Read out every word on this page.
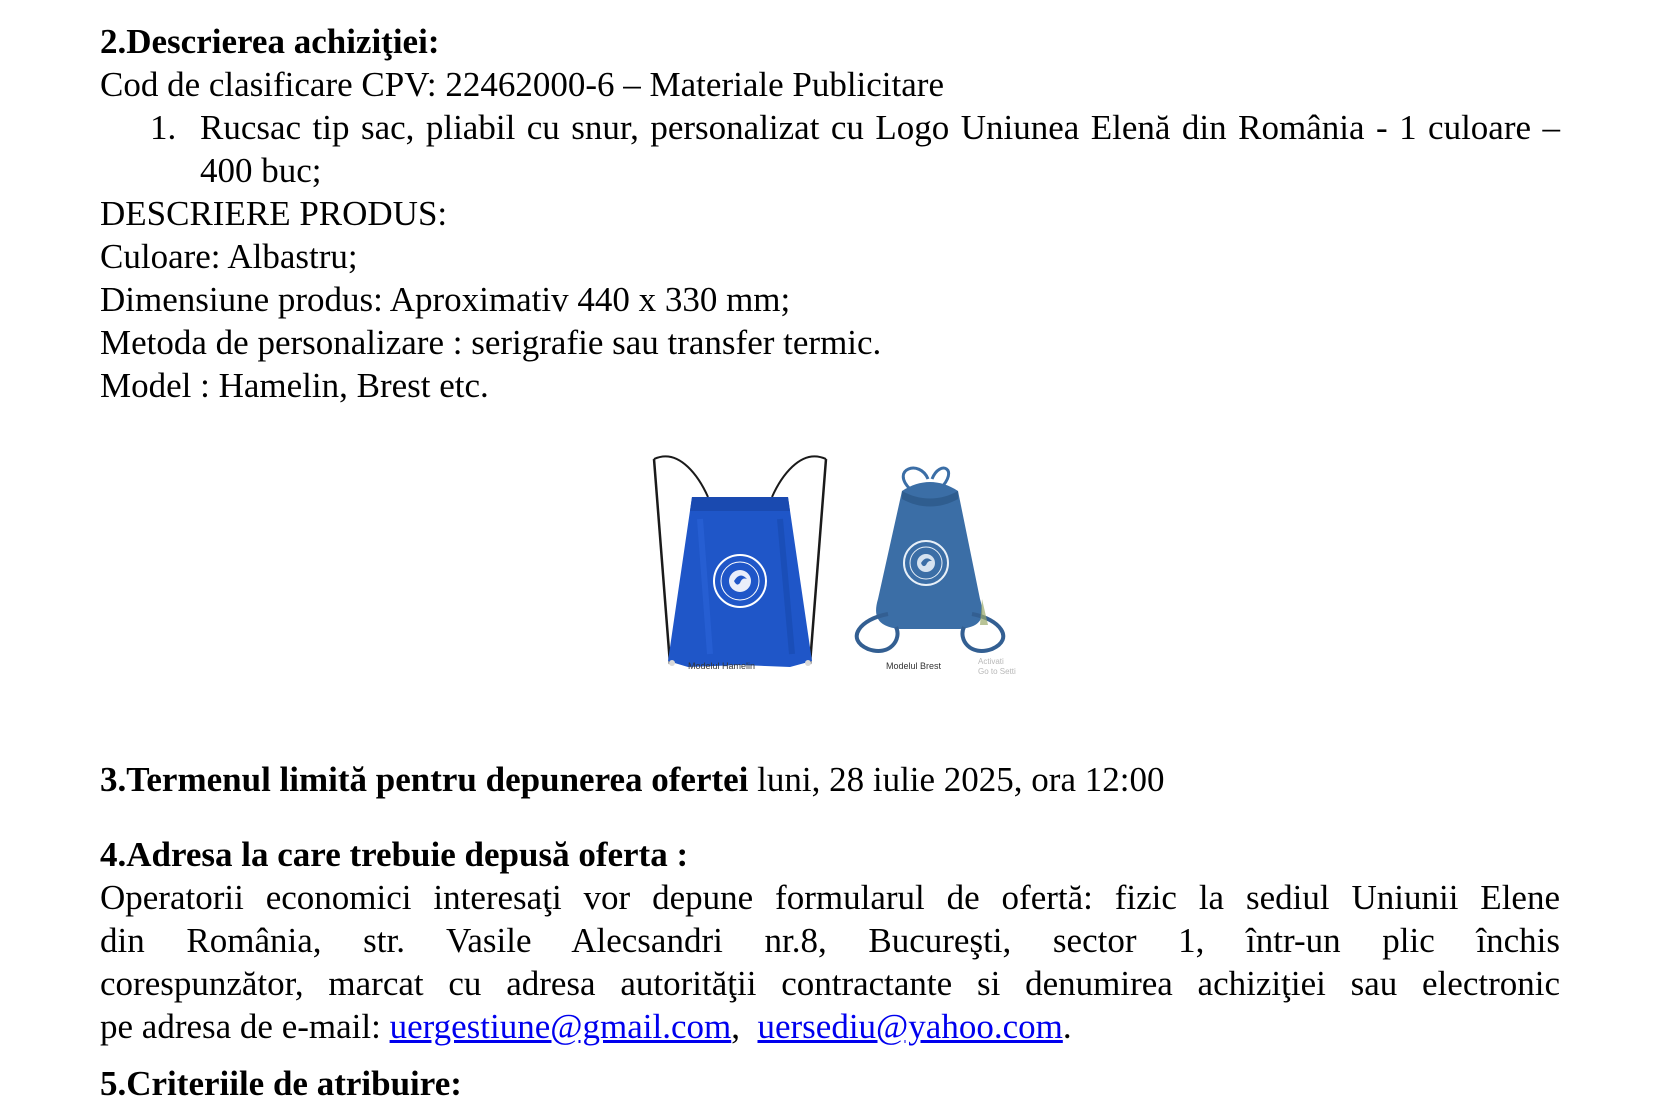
2.Descrierea achiziţiei:
Cod de clasificare CPV: 22462000-6 – Materiale Publicitare
1. Rucsac tip sac, pliabil cu snur, personalizat cu Logo Uniunea Elenă din România - 1 culoare – 400 buc;
DESCRIERE PRODUS:
Culoare: Albastru;
Dimensiune produs: Aproximativ 440 x 330 mm;
Metoda de personalizare : serigrafie sau transfer termic.
Model : Hamelin, Brest etc.
Modelul Hamelin	Modelul Brest	Activati
Go to Setti
3.Termenul limită pentru depunerea ofertei luni, 28 iulie 2025, ora 12:00
4.Adresa la care trebuie depusă oferta :
Operatorii economici interesaţi vor depune formularul de ofertă: fizic la sediul Uniunii Elene
din România, str. Vasile Alecsandri nr.8, Bucureşti, sector 1, într-un plic închis
corespunzător, marcat cu adresa autorităţii contractante si denumirea achiziţiei sau electronic
pe adresa de e-mail: uergestiune@gmail.com,  uersediu@yahoo.com.
5.Criteriile de atribuire:
